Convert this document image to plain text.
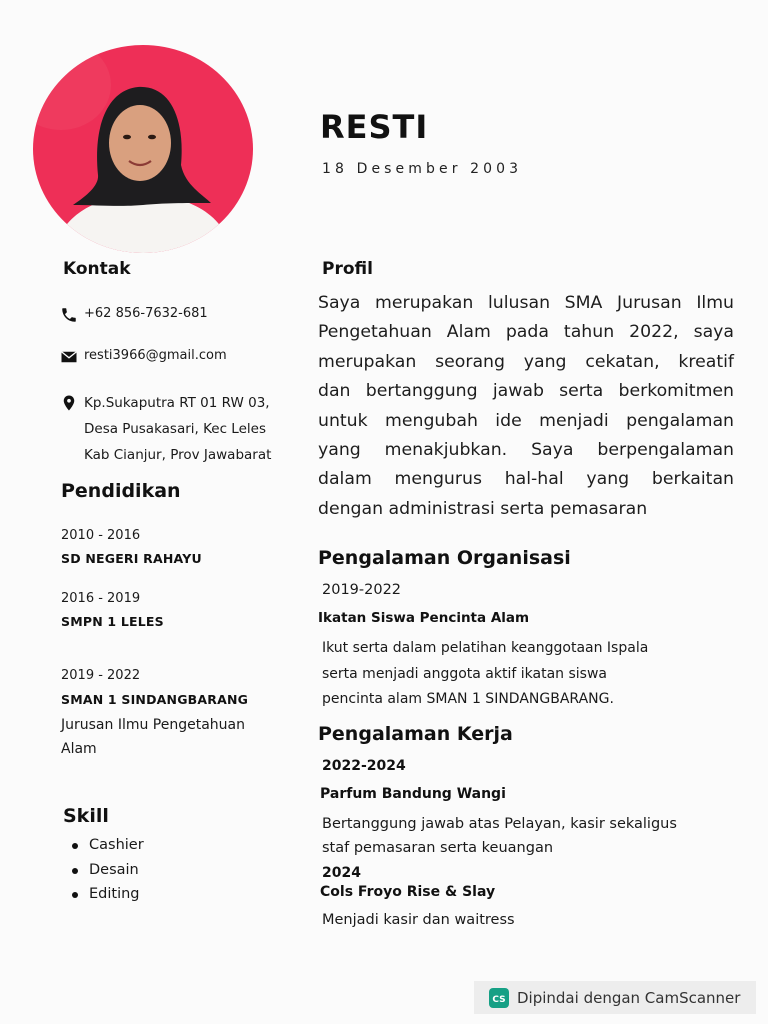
RESTI
18 Desember 2003
Kontak
+62 856-7632-681
resti3966@gmail.com
Kp.Sukaputra RT 01 RW 03,
Desa Pusakasari, Kec Leles
Kab Cianjur, Prov Jawabarat
Pendidikan
2010 - 2016
SD NEGERI RAHAYU
2016 - 2019
SMPN 1 LELES
2019 - 2022
SMAN 1 SINDANGBARANG
Jurusan Ilmu Pengetahuan
Alam
Skill
Cashier
Desain
Editing
Profil
Saya merupakan lulusan SMA Jurusan Ilmu
Pengetahuan Alam pada tahun 2022, saya
merupakan seorang yang cekatan, kreatif
dan bertanggung jawab serta berkomitmen
untuk mengubah ide menjadi pengalaman
yang menakjubkan. Saya berpengalaman
dalam mengurus hal-hal yang berkaitan
dengan administrasi serta pemasaran
Pengalaman Organisasi
2019-2022
Ikatan Siswa Pencinta Alam
Ikut serta dalam pelatihan keanggotaan Ispala
serta menjadi anggota aktif ikatan siswa
pencinta alam SMAN 1 SINDANGBARANG.
Pengalaman Kerja
2022-2024
Parfum Bandung Wangi
Bertanggung jawab atas Pelayan, kasir sekaligus
staf pemasaran serta keuangan
2024
Cols Froyo Rise & Slay
Menjadi kasir dan waitress
CS Dipindai dengan CamScanner
